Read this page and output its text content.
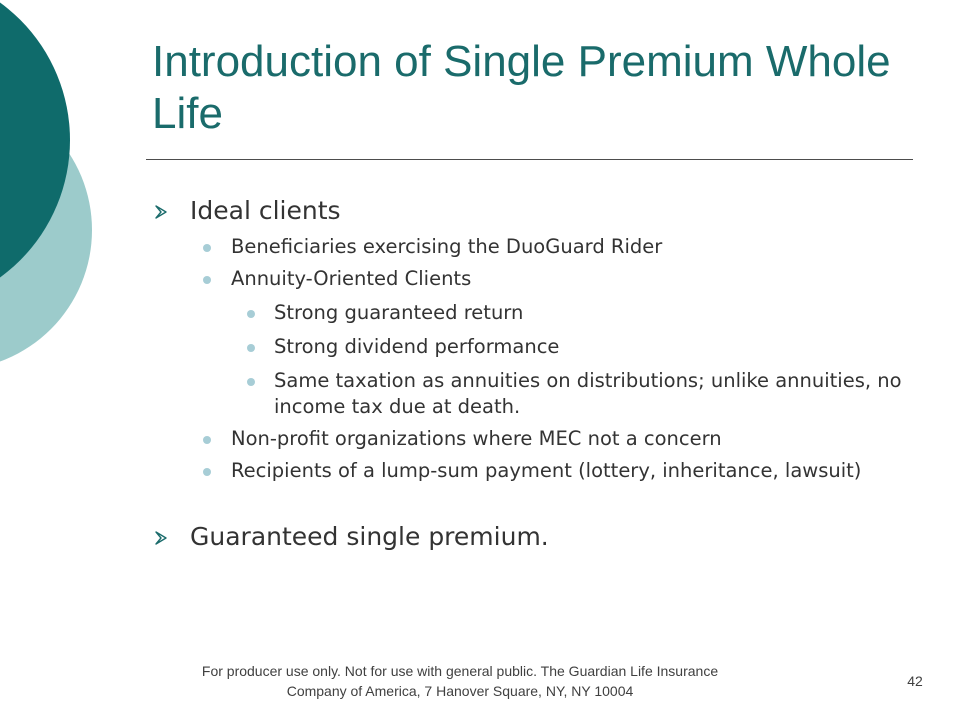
Introduction of Single Premium Whole Life
Ideal clients
Beneficiaries exercising the DuoGuard Rider
Annuity-Oriented Clients
Strong guaranteed return
Strong dividend performance
Same taxation as annuities on distributions; unlike annuities, no income tax due at death.
Non-profit organizations where MEC not a concern
Recipients of a lump-sum payment (lottery, inheritance, lawsuit)
Guaranteed single premium.
For producer use only. Not for use with general public. The Guardian Life Insurance
Company of America, 7 Hanover Square, NY, NY 10004
42
